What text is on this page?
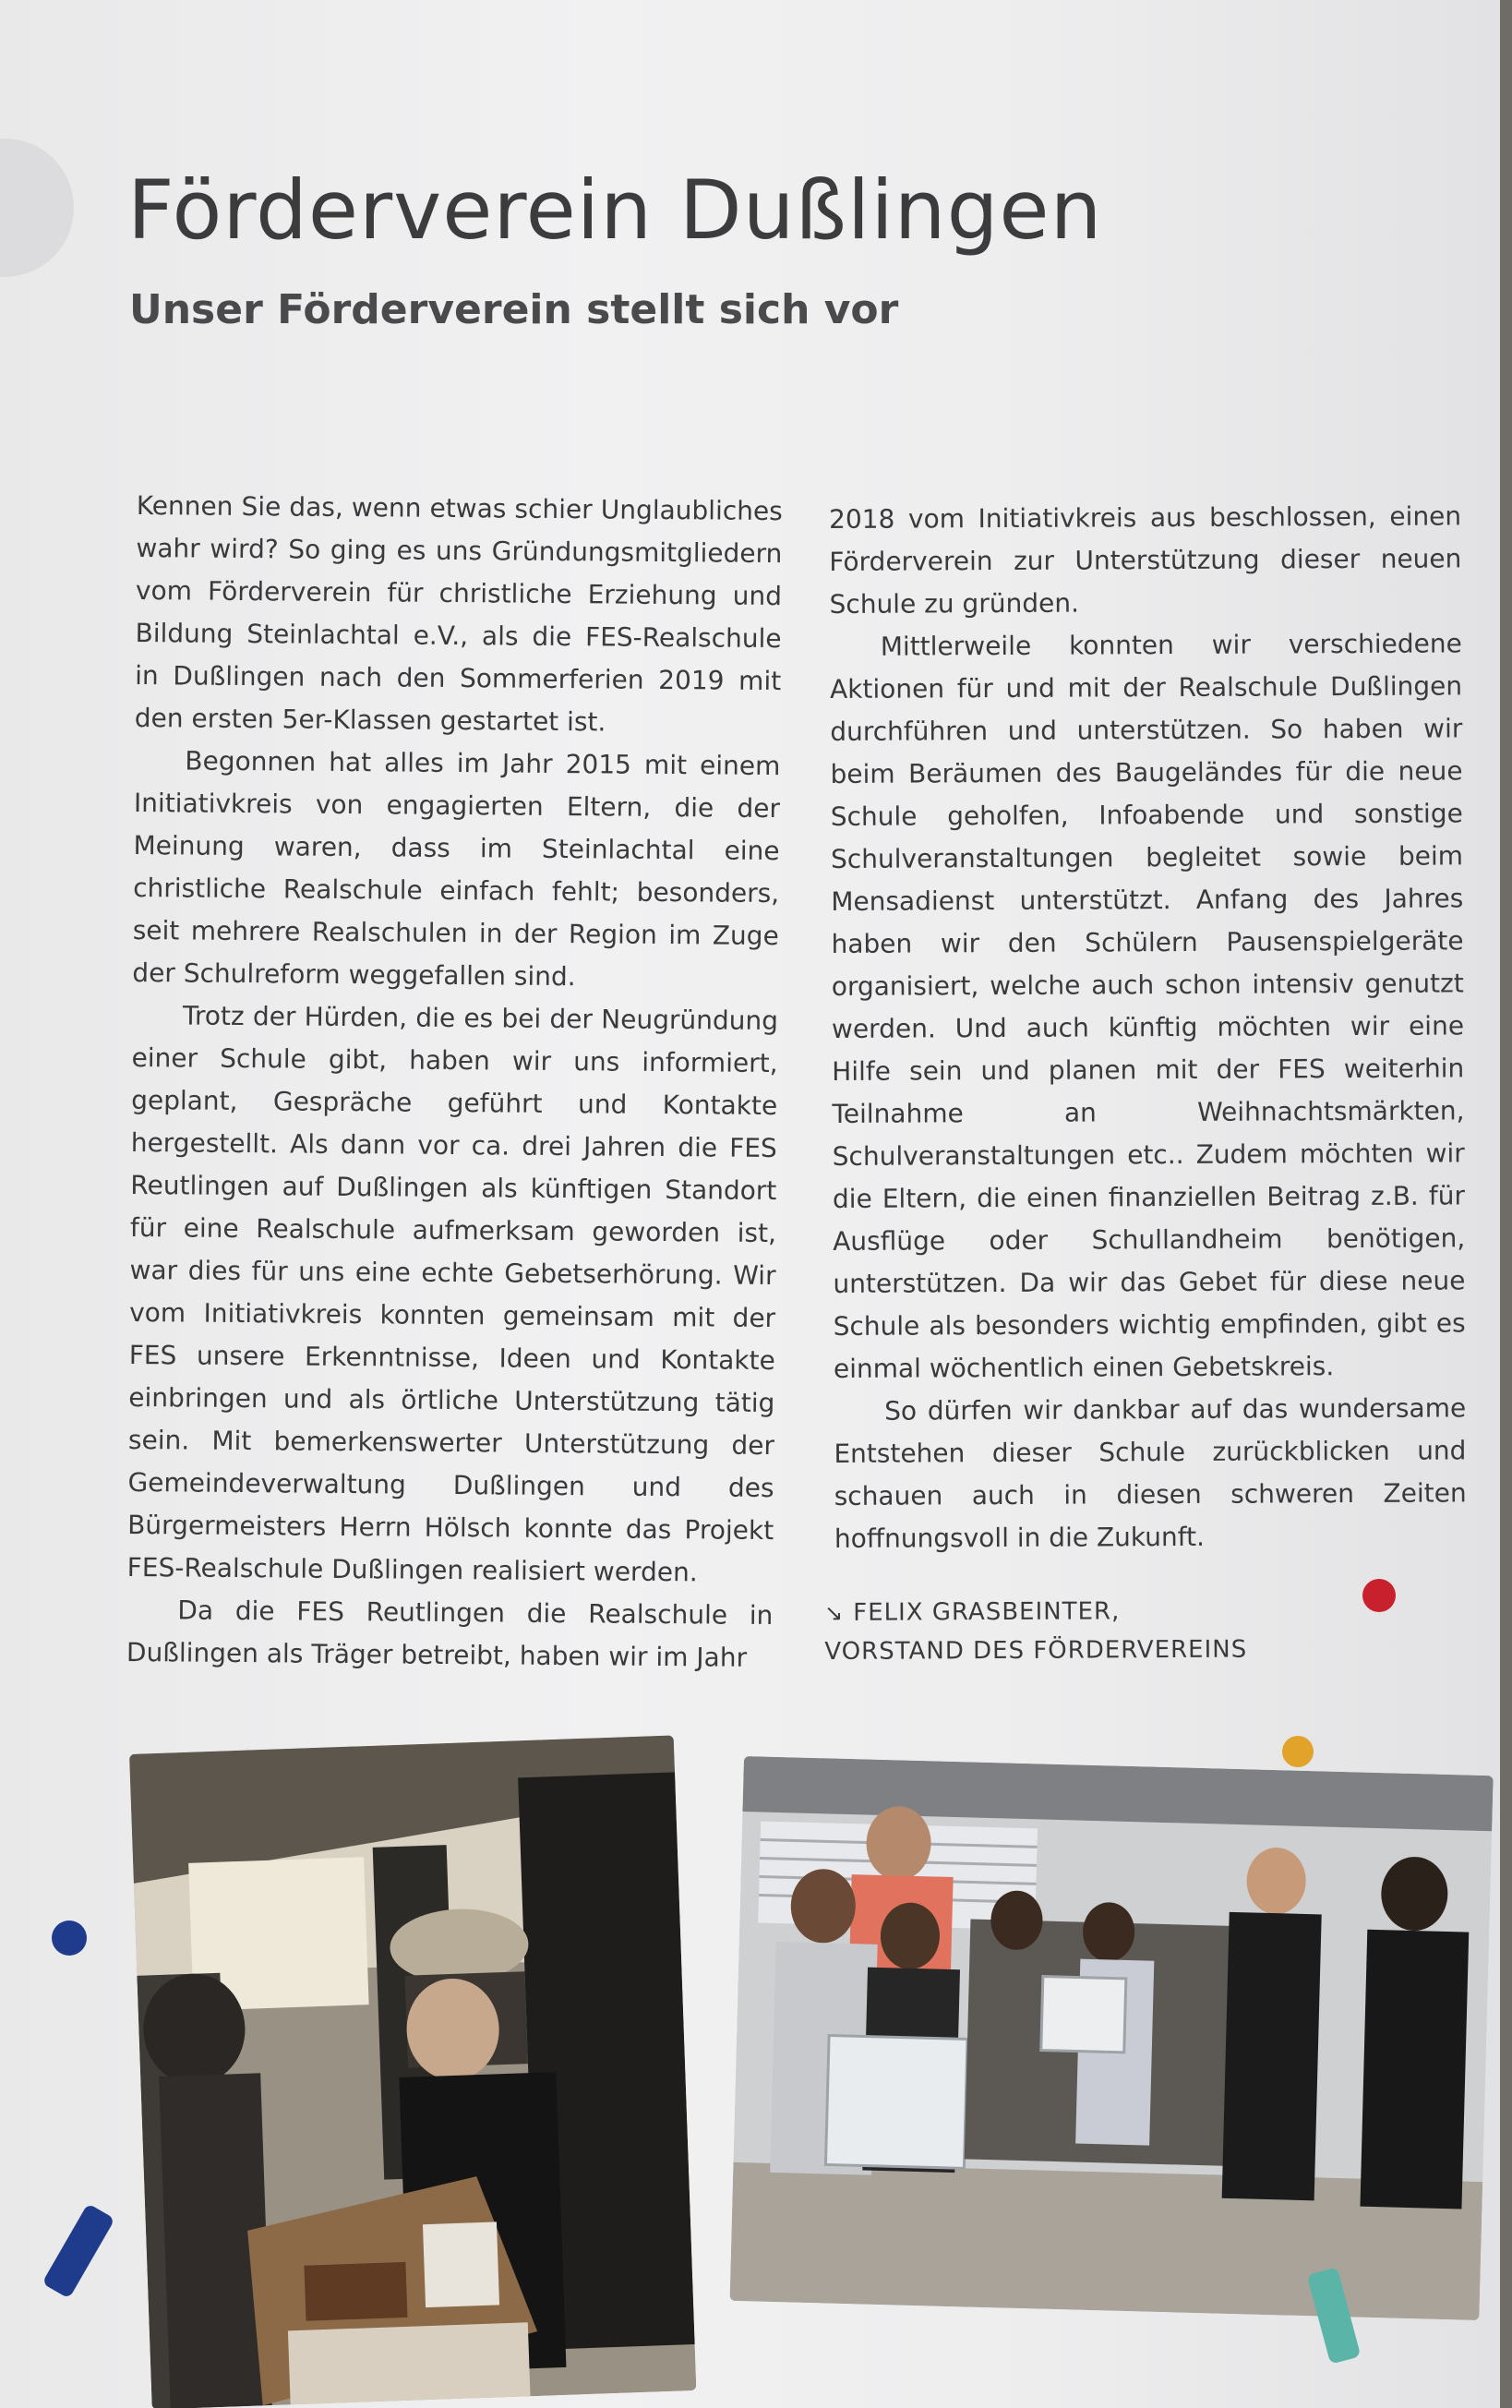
Förderverein Dußlingen
Unser Förderverein stellt sich vor

Kennen Sie das, wenn etwas schier Unglaubliches wahr wird? So ging es uns Gründungsmitgliedern vom Förderverein für christliche Erziehung und Bildung Steinlachtal e.V., als die FES-Realschule in Dußlingen nach den Sommerferien 2019 mit den ersten 5er-Klassen gestartet ist.

Begonnen hat alles im Jahr 2015 mit einem Initiativkreis von engagierten Eltern, die der Meinung waren, dass im Steinlachtal eine christliche Realschule einfach fehlt; besonders, seit mehrere Realschulen in der Region im Zuge der Schulreform weggefallen sind.

Trotz der Hürden, die es bei der Neugründung einer Schule gibt, haben wir uns informiert, geplant, Gespräche geführt und Kontakte hergestellt. Als dann vor ca. drei Jahren die FES Reutlingen auf Dußlingen als künftigen Standort für eine Realschule aufmerksam geworden ist, war dies für uns eine echte Gebetserhörung. Wir vom Initiativkreis konnten gemeinsam mit der FES unsere Erkenntnisse, Ideen und Kontakte einbringen und als örtliche Unterstützung tätig sein. Mit bemerkenswerter Unterstützung der Gemeindeverwaltung Dußlingen und des Bürgermeisters Herrn Hölsch konnte das Projekt FES-Realschule Dußlingen realisiert werden.

Da die FES Reutlingen die Realschule in Dußlingen als Träger betreibt, haben wir im Jahr

2018 vom Initiativkreis aus beschlossen, einen Förderverein zur Unterstützung dieser neuen Schule zu gründen.

Mittlerweile konnten wir verschiedene Aktionen für und mit der Realschule Dußlingen durchführen und unterstützen. So haben wir beim Beräumen des Baugeländes für die neue Schule geholfen, Infoabende und sonstige Schulveranstaltungen begleitet sowie beim Mensadienst unterstützt. Anfang des Jahres haben wir den Schülern Pausenspielgeräte organisiert, welche auch schon intensiv genutzt werden. Und auch künftig möchten wir eine Hilfe sein und planen mit der FES weiterhin Teilnahme an Weihnachtsmärkten, Schulveranstaltungen etc.. Zudem möchten wir die Eltern, die einen finanziellen Beitrag z.B. für Ausflüge oder Schullandheim benötigen, unterstützen. Da wir das Gebet für diese neue Schule als besonders wichtig empfinden, gibt es einmal wöchentlich einen Gebetskreis.

So dürfen wir dankbar auf das wundersame Entstehen dieser Schule zurückblicken und schauen auch in diesen schweren Zeiten hoffnungsvoll in die Zukunft.

↘ FELIX GRASBEINTER,
VORSTAND DES FÖRDERVEREINS
